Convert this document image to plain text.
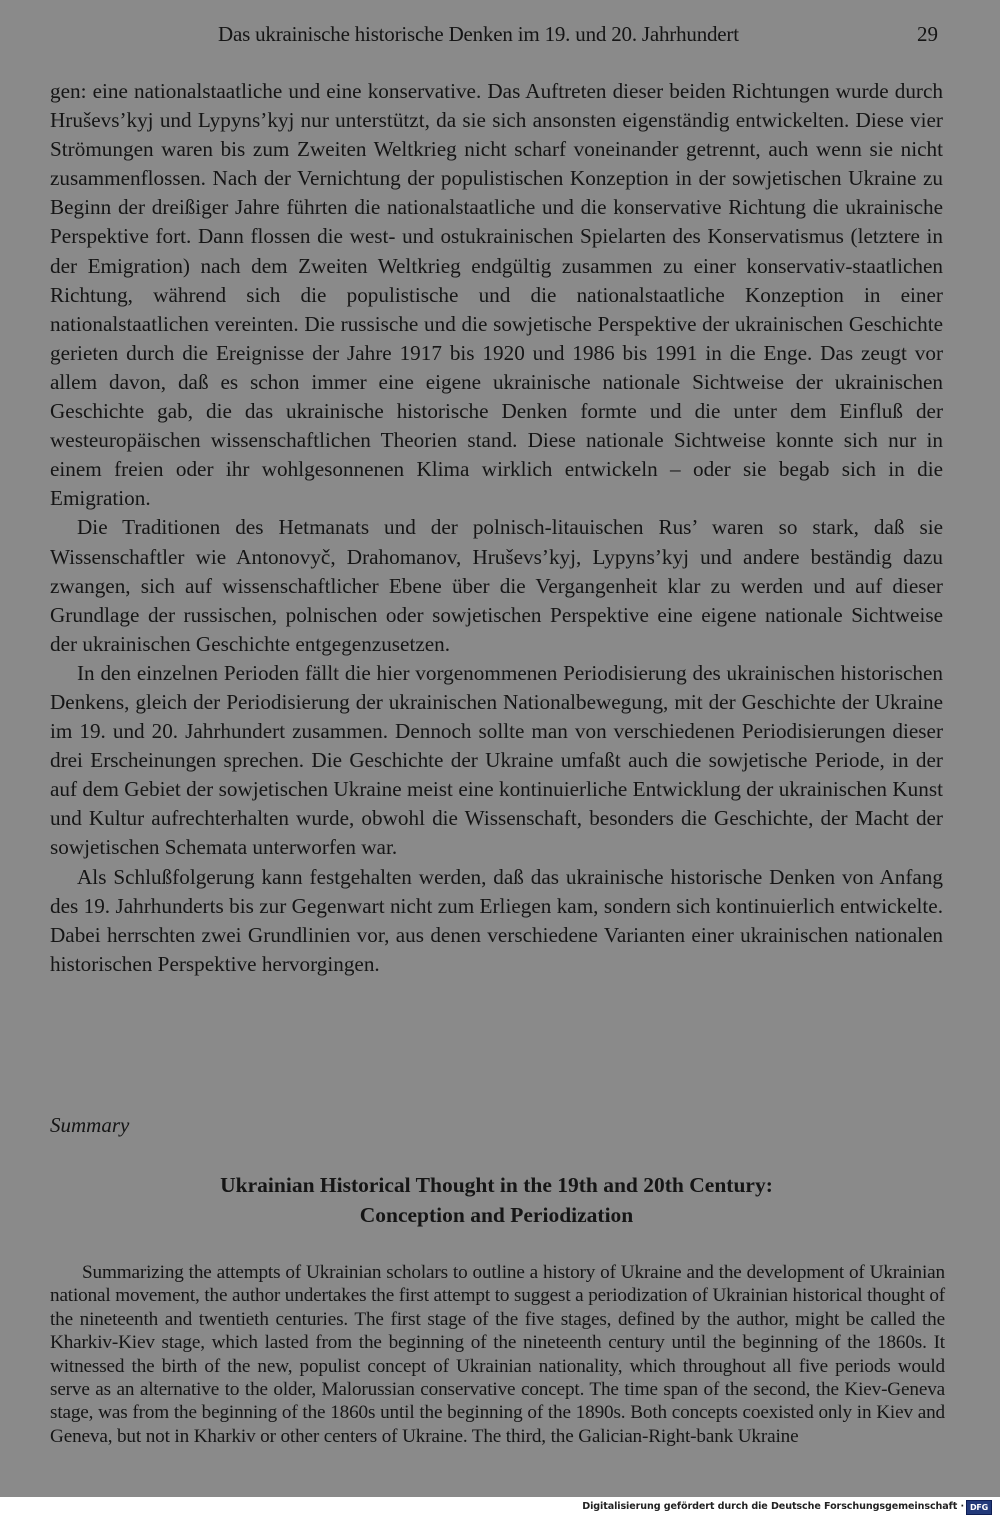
Das ukrainische historische Denken im 19. und 20. Jahrhundert	29

gen: eine nationalstaatliche und eine konservative. Das Auftreten dieser beiden Richtungen wurde durch Hruševs’kyj und Lypyns’kyj nur unterstützt, da sie sich ansonsten eigenständig entwickelten. Diese vier Strömungen waren bis zum Zweiten Weltkrieg nicht scharf voneinander getrennt, auch wenn sie nicht zusammenflossen. Nach der Vernichtung der populistischen Konzeption in der sowjetischen Ukraine zu Beginn der dreißiger Jahre führten die nationalstaatliche und die konservative Richtung die ukrainische Perspektive fort. Dann flossen die west- und ostukrainischen Spielarten des Konservatismus (letztere in der Emigration) nach dem Zweiten Weltkrieg endgültig zusammen zu einer konservativ-staatlichen Richtung, während sich die populistische und die nationalstaatliche Konzeption in einer nationalstaatlichen vereinten. Die russische und die sowjetische Perspektive der ukrainischen Geschichte gerieten durch die Ereignisse der Jahre 1917 bis 1920 und 1986 bis 1991 in die Enge. Das zeugt vor allem davon, daß es schon immer eine eigene ukrainische nationale Sichtweise der ukrainischen Geschichte gab, die das ukrainische historische Denken formte und die unter dem Einfluß der westeuropäischen wissenschaftlichen Theorien stand. Diese nationale Sichtweise konnte sich nur in einem freien oder ihr wohlgesonnenen Klima wirklich entwickeln – oder sie begab sich in die Emigration.

Die Traditionen des Hetmanats und der polnisch-litauischen Rus’ waren so stark, daß sie Wissenschaftler wie Antonovyč, Drahomanov, Hruševs’kyj, Lypyns’kyj und andere beständig dazu zwangen, sich auf wissenschaftlicher Ebene über die Vergangenheit klar zu werden und auf dieser Grundlage der russischen, polnischen oder sowjetischen Perspektive eine eigene nationale Sichtweise der ukrainischen Geschichte entgegenzusetzen.

In den einzelnen Perioden fällt die hier vorgenommenen Periodisierung des ukrainischen historischen Denkens, gleich der Periodisierung der ukrainischen Nationalbewegung, mit der Geschichte der Ukraine im 19. und 20. Jahrhundert zusammen. Dennoch sollte man von verschiedenen Periodisierungen dieser drei Erscheinungen sprechen. Die Geschichte der Ukraine umfaßt auch die sowjetische Periode, in der auf dem Gebiet der sowjetischen Ukraine meist eine kontinuierliche Entwicklung der ukrainischen Kunst und Kultur aufrechterhalten wurde, obwohl die Wissenschaft, besonders die Geschichte, der Macht der sowjetischen Schemata unterworfen war.

Als Schlußfolgerung kann festgehalten werden, daß das ukrainische historische Denken von Anfang des 19. Jahrhunderts bis zur Gegenwart nicht zum Erliegen kam, sondern sich kontinuierlich entwickelte. Dabei herrschten zwei Grundlinien vor, aus denen verschiedene Varianten einer ukrainischen nationalen historischen Perspektive hervorgingen.

Summary
Ukrainian Historical Thought in the 19th and 20th Century:
Conception and Periodization
Summarizing the attempts of Ukrainian scholars to outline a history of Ukraine and the development of Ukrainian national movement, the author undertakes the first attempt to suggest a periodization of Ukrainian historical thought of the nineteenth and twentieth centuries. The first stage of the five stages, defined by the author, might be called the Kharkiv-Kiev stage, which lasted from the beginning of the nineteenth century until the beginning of the 1860s. It witnessed the birth of the new, populist concept of Ukrainian nationality, which throughout all five periods would serve as an alternative to the older, Malorussian conservative concept. The time span of the second, the Kiev-Geneva stage, was from the beginning of the 1860s until the beginning of the 1890s. Both concepts coexisted only in Kiev and Geneva, but not in Kharkiv or other centers of Ukraine. The third, the Galician-Right-bank Ukraine
Digitalisierung gefördert durch die Deutsche Forschungsgemeinschaft · DFG
